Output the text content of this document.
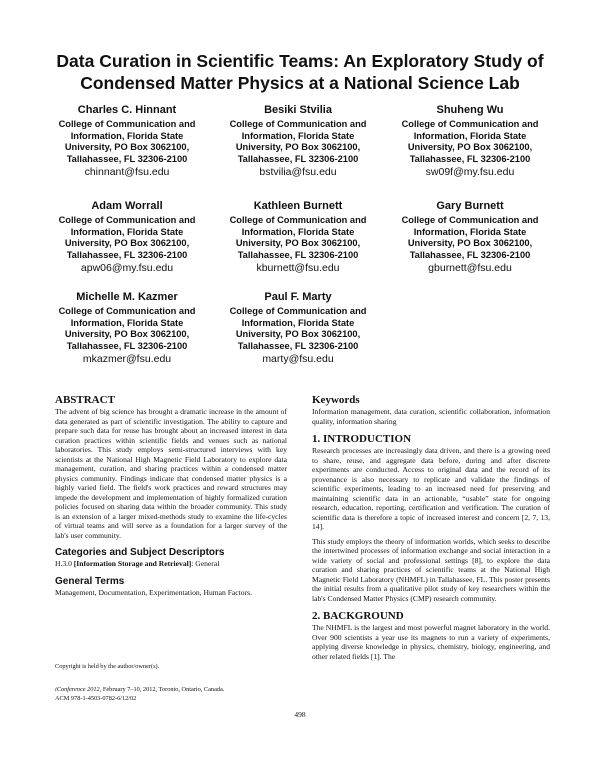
Data Curation in Scientific Teams: An Exploratory Study of Condensed Matter Physics at a National Science Lab
Charles C. Hinnant
College of Communication and Information, Florida State University, PO Box 3062100, Tallahassee, FL 32306-2100
chinnant@fsu.edu
Besiki Stvilia
College of Communication and Information, Florida State University, PO Box 3062100, Tallahassee, FL 32306-2100
bstvilia@fsu.edu
Shuheng Wu
College of Communication and Information, Florida State University, PO Box 3062100, Tallahassee, FL 32306-2100
sw09f@my.fsu.edu
Adam Worrall
College of Communication and Information, Florida State University, PO Box 3062100, Tallahassee, FL 32306-2100
apw06@my.fsu.edu
Kathleen Burnett
College of Communication and Information, Florida State University, PO Box 3062100, Tallahassee, FL 32306-2100
kburnett@fsu.edu
Gary Burnett
College of Communication and Information, Florida State University, PO Box 3062100, Tallahassee, FL 32306-2100
gburnett@fsu.edu
Michelle M. Kazmer
College of Communication and Information, Florida State University, PO Box 3062100, Tallahassee, FL 32306-2100
mkazmer@fsu.edu
Paul F. Marty
College of Communication and Information, Florida State University, PO Box 3062100, Tallahassee, FL 32306-2100
marty@fsu.edu
ABSTRACT

The advent of big science has brought a dramatic increase in the amount of data generated as part of scientific investigation. The ability to capture and prepare such data for reuse has brought about an increased interest in data curation practices within scientific fields and venues such as national laboratories. This study employs semi-structured interviews with key scientists at the National High Magnetic Field Laboratory to explore data management, curation, and sharing practices within a condensed matter physics community. Findings indicate that condensed matter physics is a highly varied field. The field's work practices and reward structures may impede the development and implementation of highly formalized curation policies focused on sharing data within the broader community. This study is an extension of a larger mixed-methods study to examine the life-cycles of virtual teams and will serve as a foundation for a larger survey of the lab's user community.

Categories and Subject Descriptors

H.3.0 [Information Storage and Retrieval]: General

General Terms

Management, Documentation, Experimentation, Human Factors.

Copyright is held by the author/owner(s).
iConference 2012, February 7–10, 2012, Toronto, Ontario, Canada.
ACM 978-1-4503-0782-6/12/02
Keywords

Information management, data curation, scientific collaboration, information quality, information sharing

1. INTRODUCTION

Research processes are increasingly data driven, and there is a growing need to share, reuse, and aggregate data before, during and after discrete experiments are conducted. Access to original data and the record of its provenance is also necessary to replicate and validate the findings of scientific experiments, leading to an increased need for preserving and maintaining scientific data in an actionable, “usable” state for ongoing research, education, reporting, certification and verification. The curation of scientific data is therefore a topic of increased interest and concern [2, 7, 13, 14].

This study employs the theory of information worlds, which seeks to describe the intertwined processes of information exchange and social interaction in a wide variety of social and professional settings [8], to explore the data curation and sharing practices of scientific teams at the National High Magnetic Field Laboratory (NHMFL) in Tallahassee, FL. This poster presents the initial results from a qualitative pilot study of key researchers within the lab's Condensed Matter Physics (CMP) research community.

2. BACKGROUND

The NHMFL is the largest and most powerful magnet laboratory in the world. Over 900 scientists a year use its magnets to run a variety of experiments, applying diverse knowledge in physics, chemistry, biology, engineering, and other related fields [1]. The

498
